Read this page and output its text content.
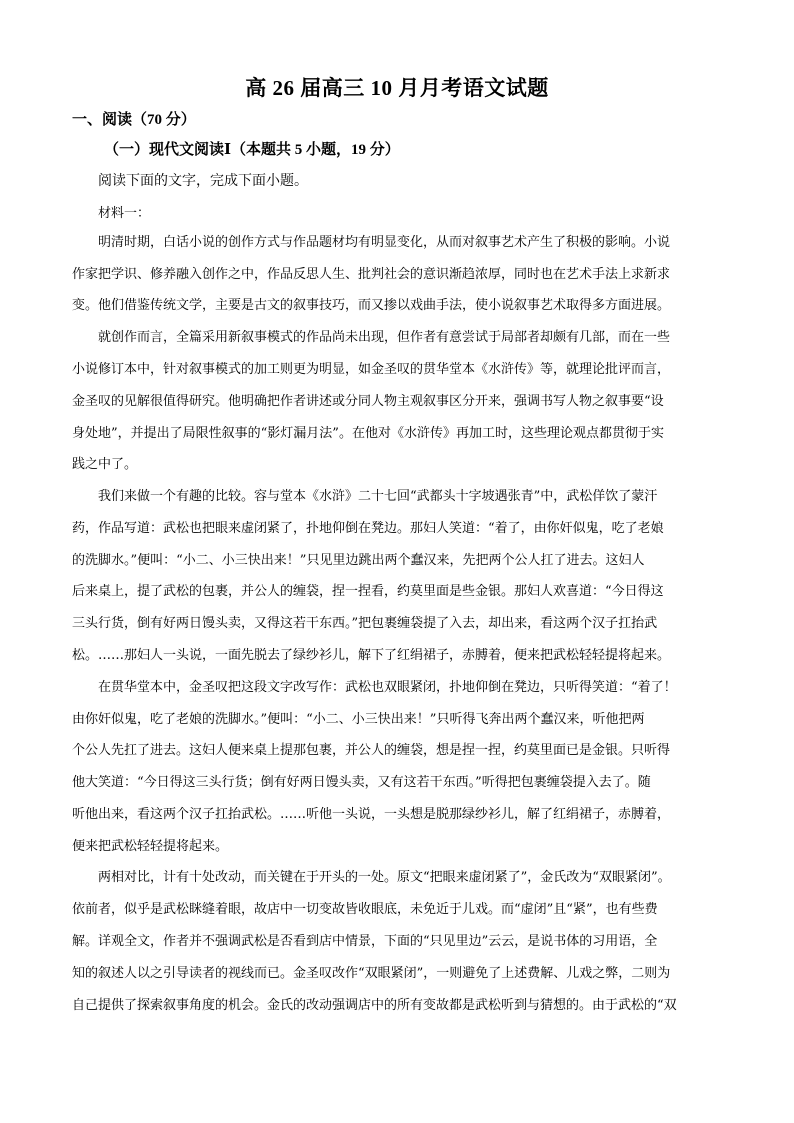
高 26 届高三 10 月月考语文试题
一、阅读（70 分）
（一）现代文阅读Ⅰ（本题共 5 小题，19 分）
阅读下面的文字，完成下面小题。
材料一：
明清时期，白话小说的创作方式与作品题材均有明显变化，从而对叙事艺术产生了积极的影响。小说
作家把学识、修养融入创作之中，作品反思人生、批判社会的意识渐趋浓厚，同时也在艺术手法上求新求
变。他们借鉴传统文学，主要是古文的叙事技巧，而又掺以戏曲手法，使小说叙事艺术取得多方面进展。
就创作而言，全篇采用新叙事模式的作品尚未出现，但作者有意尝试于局部者却颇有几部，而在一些
小说修订本中，针对叙事模式的加工则更为明显，如金圣叹的贯华堂本《水浒传》等，就理论批评而言，
金圣叹的见解很值得研究。他明确把作者讲述或分同人物主观叙事区分开来，强调书写人物之叙事要“设
身处地”，并提出了局限性叙事的“影灯漏月法”。在他对《水浒传》再加工时，这些理论观点都贯彻于实
践之中了。
我们来做一个有趣的比较。容与堂本《水浒》二十七回“武都头十字坡遇张青”中，武松佯饮了蒙汗
药，作品写道：武松也把眼来虚闭紧了，扑地仰倒在凳边。那妇人笑道：“着了，由你奸似鬼，吃了老娘
的洗脚水。”便叫：“小二、小三快出来！”只见里边跳出两个蠢汉来，先把两个公人扛了进去。这妇人
后来桌上，提了武松的包裹，并公人的缠袋，捏一捏看，约莫里面是些金银。那妇人欢喜道：“今日得这
三头行货，倒有好两日馒头卖，又得这若干东西。”把包裹缠袋提了入去，却出来，看这两个汉子扛抬武
松。……那妇人一头说，一面先脱去了绿纱衫儿，解下了红绢裙子，赤膊着，便来把武松轻轻提将起来。
在贯华堂本中，金圣叹把这段文字改写作：武松也双眼紧闭，扑地仰倒在凳边，只听得笑道：“着了！
由你奸似鬼，吃了老娘的洗脚水。”便叫：“小二、小三快出来！”只听得飞奔出两个蠢汉来，听他把两
个公人先扛了进去。这妇人便来桌上提那包裹，并公人的缠袋，想是捏一捏，约莫里面已是金银。只听得
他大笑道：“今日得这三头行货；倒有好两日馒头卖，又有这若干东西。”听得把包裹缠袋提入去了。随
听他出来，看这两个汉子扛抬武松。……听他一头说，一头想是脱那绿纱衫儿，解了红绢裙子，赤膊着，
便来把武松轻轻提将起来。
两相对比，计有十处改动，而关键在于开头的一处。原文“把眼来虚闭紧了”，金氏改为“双眼紧闭”。
依前者，似乎是武松眯缝着眼，故店中一切变故皆收眼底，未免近于儿戏。而“虚闭”且“紧”，也有些费
解。详观全文，作者并不强调武松是否看到店中情景，下面的“只见里边”云云，是说书体的习用语，全
知的叙述人以之引导读者的视线而已。金圣叹改作“双眼紧闭”，一则避免了上述费解、儿戏之弊，二则为
自己提供了探索叙事角度的机会。金氏的改动强调店中的所有变故都是武松听到与猜想的。由于武松的“双
